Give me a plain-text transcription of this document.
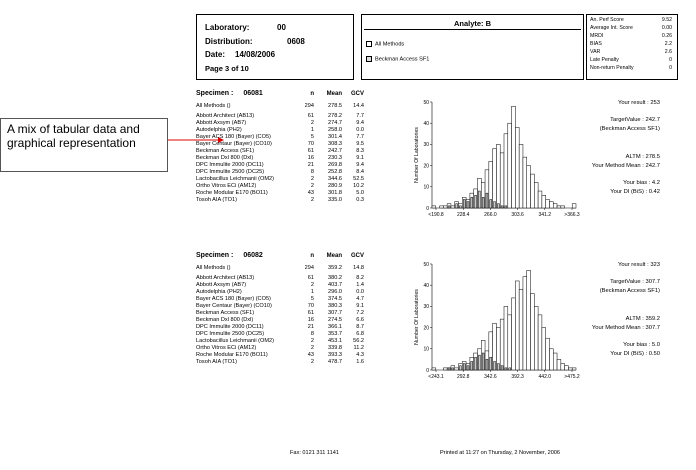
A mix of tabular data and graphical representation
Laboratory:	00
Distribution:	0608
Date: 14/08/2006
Page 3 of 10
Analyte: B
All Methods
Beckman Access SF1
An. Perf Score	9.52
Average Int. Score	0.00
MRDI	0.26
BIAS	2.2
VAR	2.6
Late Penalty	0
Non-return Penalty	0
Specimen : 06081	n	Mean	GCV
All Methods ()	294	278.5	14.4
Abbott Architect (AB13)	61	278.2	7.7
Abbott Axsym (AB7)	2	274.7	9.4
Autodelphia (PH2)	1	258.0	0.0
Bayer ACS 180 (Bayer) (CO5)	5	301.4	7.7
Bayer Centaur (Bayer) (CO10)	70	308.3	9.5
Beckman Access (SF1)	61	242.7	8.3
Beckman Dxl 800 (Dxl)	16	230.3	9.1
DPC Immulite 2000 (DC11)	21	269.8	9.4
DPC Immulite 2500 (DC25)	8	252.8	8.4
Lactobacillus Leichmanii (OM2)	2	344.6	52.5
Ortho Vitros ECi (AM12)	2	280.9	10.2
Roche Modular E170 (BO11)	43	301.8	5.0
Tosoh AIA (TO1)	2	335.0	0.3
Your result : 253
TargetValue : 242.7
(Beckman Access SF1)
ALTM : 278.5
Your Method Mean : 242.7
Your bias : 4.2
Your DI (BiS) : 0.42
0
10
20
30
40
50
Number Of Laboratories
<190.8	228.4	266.0	303.6	341.2	>366.3
Specimen : 06082	n	Mean	GCV
All Methods ()	294	359.2	14.8
Abbott Architect (AB13)	61	380.2	8.2
Abbott Axsym (AB7)	2	403.7	1.4
Autodelphia (PH2)	1	296.0	0.0
Bayer ACS 180 (Bayer) (CO5)	5	374.5	4.7
Bayer Centaur (Bayer) (CO10)	70	380.3	9.1
Beckman Access (SF1)	61	307.7	7.2
Beckman Dxl 800 (Dxl)	16	274.5	6.6
DPC Immulite 2000 (DC11)	21	366.1	8.7
DPC Immulite 2500 (DC25)	8	353.7	6.8
Lactobacillus Leichmanii (OM2)	2	453.1	56.2
Ortho Vitros ECi (AM12)	2	339.8	11.2
Roche Modular E170 (BO11)	43	393.3	4.3
Tosoh AIA (TO1)	2	478.7	1.6
Your result : 323
TargetValue : 307.7
(Beckman Access SF1)
ALTM : 359.2
Your Method Mean : 307.7
Your bias : 5.0
Your DI (BiS) : 0.50
0
10
20
30
40
50
Number Of Laboratories
<243.1	292.8	342.6	392.3	442.0	>475.2
Fax: 0121 311 1141	Printed at 11:27 on Thursday, 2 November, 2006
